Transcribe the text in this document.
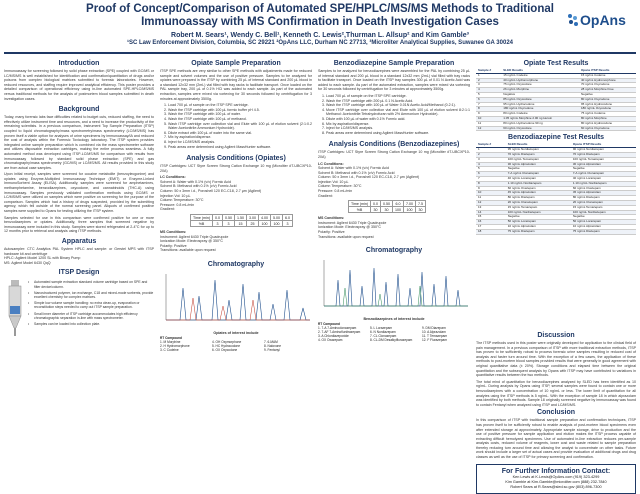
Proof of Concept/Comparison of Automated SPE/HPLC/MS/MS Methods to Traditional Immunoassay with MS Confirmation in Death Investigation Cases
Robert M. Sears¹, Wendy C. Bell¹, Kenneth C. Lewis²,Thurman L. Allsup² and Kim Gamble³
¹SC Law Enforcement Division, Columbia, SC 29221 ²OpAns LLC, Durham NC 27713, ³Microliter Analytical Supplies, Suwanee GA 30024
OpAns
Introduction
Immunoassay for screening followed by solid phase extraction (SPE) coupled with GC/MS or LC/MS/MS is well established for identification and confirmation/quantitation of drugs and/or poisons from complex biological matrices submitted to forensic laboratories. However, reduced resources, and staffing require improved analytical efficiency. This poster provides a detailed comparison of operational efficiency using in-line automated SPE-HPLC/MS/MS versus traditional methods for the analysis of postmortem blood samples submitted in death investigation cases.
Background

Today, many forensic labs face difficulties related to budget cuts, reduced staffing, the need to effectively utilize instrument time and resources, and a need to increase the productivity of the remaining scientists. In a previous comparison, Instrument Top Sample Preparation (ITSP) coupled to liquid chromatography/mass spectrometry/mass spectrometry (LC/MS/MS) has proven itself a viable option for analyses of urine specimens by immunoassay/IA and reduced the cost of analysis within the Forensic Toxicology laboratory. The ITSP system provides integrated online sample preparation which is combined via the mass spectrometer software and utilizes disposable extraction cartridges, making the entire process seamless. A fully automated method was developed using ITSP-LC/MS/MS for comparison with results from immunoassay followed by standard solid phase extraction (SPE) and gas chromatography/mass spectrometry (GC/MS) or LC/MS/MS. All results provided in this study are from actual case samples.

Upon initial receipt, samples were screened for cocaine metabolite (benzoylecgonine) and opiates using Enzyme-Multiplied Immunoassay Technique (EMIT) or Enzyme-Linked ImmunoSorbent Assay (ELISA). Additionally, samples were screened for amphetamines, methamphetamine, benzodiazepines, oxycodone, and cannabinoids (THC-A) using immunoassay. Samples previously validated confirmation methods using GC/MS or LC/MS/MS were utilized on samples which were positive on screening for the purpose of the comparison. Samples which had a history of drugs suspected, provided by the submitting agency, which fell outside of the normal screening panel. Aliquots of confirmed positive samples were supplied to Opans for testing utilizing the ITSP system.

Samples selected for use in this comparison were confirmed positive for one or more benzodiazepines or opiates. Additionally, three samples that screened negative by immunoassay were included in this study. Samples were stored refrigerated at 2-4°C for up to 12 months prior to retrieval and analysis using ITSP methods.

Apparatus
Autosampler: CTC Analytics PAL System HPLC and sample: or Gerstel MPS with ITSP hardware kit and centrifuge
HPLC: Agilent Model 1200 SL with Binary Pump
MS: Agilent Model 6430 QqQ
ITSP Design
• Automated sample extraction standard volume cartridge based on SPE and filter device/column.
• Nanostructured polymer, ion exchange, C18 and mixed-mode sorbents, provide excellent chemistry for complex matrices.
• Simple low volume sample handling: no extra clean-up, evaporation or reconstitution steps needed to carry out ITSP sample preparation.
• Small inner diameter of ITSP cartridge accommodates high efficiency chromatographic separation in-line with mass spectrometer.
• Samples can be loaded into collection plate.
Opiate Sample Preparation
ITSP SPE methods are very similar to other SPE methods with adjustments made for reduced sample and solvent volumes and the use of positive pressure. Samples to be analyzed for opiates were prepared in the ITSP by combining 25 µL of internal standard and 200 µL blood in a standard 12x32 mm (2mL) vial filled with tray racks to facilitate transport. Once loaded on the PAL sample tray, 200 µL of 0.1% HCl was added to each sample. As part of the automated extraction, samples were mixed via vortexing for 30 seconds followed by centrifugation for 3 minutes at approximately 3500g.
1. Load 700 µL of sample on the ITSP SPE cartridge.
2. Wash the ITSP cartridge with 100 µL formic buffer pH 4.5.
3. Wash the ITSP cartridge with 100 µL of water.
4. Wash the ITSP cartridge with 100 µL of methanol.
5. Wash ITSP cartridge over collection vial and Elute with 100 µL of elution solvent (2:1:0.2 Water:Acetonitrile:Ammonium Hydroxide).
6. Dilute extract with 100 µL of water into the same vial.
7. Mix by aspiration/dispense.
8. Inject for LC/MS/MS analysis.
9. Peak areas were determined using Agilent MassHunter software.
Analysis Conditions (Opiates)
ITSP Cartridges: UCT Styre Screen Strong Cation Exchange 10 mg (Microliter #T-UBCXP10-20A)
LC Conditions:
Solvent A: Water with 0.1% (v/v) Formic Acid
Solvent B: Methanol with 0.1% (v/v) Formic Acid
Column: 50 x 3mm i.d., Poroshell 120 EC-C18, 2.7 µm (Agilent)
Injection Vol: 10 µL
Column Temperature: 30°C
Pressure: 0.8 mL/min
Gradient:
Time (min)	0.0	0.50	1.50	3.00	4.00	5.00	6.0
%B	3	3	15	25	100	100	3
MS Conditions:
Instrument: Agilent 6430 Triple Quadrupole
Ionization Mode: Electrospray @ 350°C
Polarity: Positive
Transitions: available upon request
Chromatography
Opiates of interest include
RT Compound
1. M Morphine
2. H Hydromorphone
3. C Codeine
4. OH Oxymorphone
5. HC Hydrocodone
6. OX Oxycodone
7. 6-MAM
8. Naloxone
9. Fentanyl
Benzodiazepine Sample Preparation
Samples to be analyzed for benzodiazepines were assembled for the PAL by combining 25 µL of internal standard and 200 µL blood in a standard 12x32 mm (2mL) vial filled with tray racks to facilitate transport. Once loaded on the ITSP tray samples 300 µL of 0.01 N Acetic Acid was added to each sample. As part of the automated extraction, samples were mixed via vortexing for 30 seconds followed by centrifugation for 3 minutes at approximately 3500g.
1. Load 700 µL of sample on the ITSP SPE cartridge.
2. Wash the ITSP cartridge with 200 µL 0.1 N Acetic Acid.
3. Wash the ITSP cartridge with 100 µL of Water 0.01N Acetic Acid/Methanol (0.2:1).
4. Move ITSP cartridge over collection vial and Elute with 100 µL of elution solvent 8:2:1:1 Methanol: Acetonitrile:Tetrahydrofuran with 2% Ammonium Hydroxide).
5. Dilute with 100 µL of water with 0.1% Formic acid.
6. Mix by aspiration/dispense.
7. Inject for LC/MS/MS analysis.
8. Peak areas were determined using Agilent MassHunter software.
Analysis Conditions (Benzodiazepines)
ITSP Cartridges: UCT Styre Screen Strong Cation Exchange 10 mg (Microliter #T-UBCXP10-20A)
LC Conditions:
Solvent A: Water with 0.1% (v/v) Formic Acid
Solvent B: Methanol with 0.1% (v/v) Formic Acid
Column: 50 x 3mm i.d., Poroshell 120 EC-C18, 2.7 µm (Agilent)
Injection Vol: 10 µL
Column Temperature: 30°C
Pressure: 0.8 mL/min
Gradient:
Time (min)	0.0	0.50	6.0	7.00	7.5
%B	30	30	100	100	30
MS Conditions:
Instrument: Agilent 6430 Triple Quadrupole
Ionization Mode: Electrospray @ 350°C
Polarity: Positive
Transitions: available upon request
Chromatography
Benzodiazepines of interest include
RT Compound
1. 7-A 7-Aminoclonazepam
2. 7-AF 7-Aminoflunitrazepam
3. A Chlordiazepoxide
4. OX Oxazepam
5. L Lorazepam
6. N Nordiazepam
7. CL Clonazepam
8. CL-DM Desalkylflurazepam
9. DM Diazepam
10. A Alprazolam
11. T Temazepam
12. F Flurazepam
Opiate Test Results
Sample #	SLED Results	Opans ITSP Results
1	15 ng/mL Codeine	15 ng/mL Codeine
2	40 ng/mL Hydromorphone	40 ng/mL Hydromorphone
3	75 ng/mL Oxycodone	70 ng/mL Oxycodone
4	26 ng/mL Morphine	28 ng/mL Morphine Free
5	Negative	Negative
6	85 ng/mL Oxycodone	80 ng/mL Oxycodone
7	95 ng/mL Hydrocodone	95 ng/mL Hydrocodone
8	180 ng/mL Oxycodone	180 ng/mL Oxycodone
9	80 ng/mL Codeine	75 ng/mL Codeine
10	1.05 ng/mL Morphine 2.00 ng Heroin	80 ng/mL Morphine
11	80 ng/mL Hydrocodone 90 ng	80 ng/mL Hydrocodone
12	60 ng/mL Oxycodone	60 ng/mL Oxycodone
Benzodiazepine Test Results
Sample #	SLED Results	Opans ITSP Results
1	95 ng/mL Nordiazepam	90 ng/mL Nordiazepam
2	70 ng/mL Diazepam	70 ng/mL Diazepam
3	100 ng/mL Temazepam	100 ng/mL Temazepam
4	30 ng/mL Alprazolam	30 ng/mL Alprazolam
5	Negative	Negative
6	7-A ng/mL Clonazepam	7-A ng/mL Clonazepam
7	40 ng/mL Lorazepam	40 ng/mL Lorazepam
8	1.10 ng/mL Nordiazepam	1.10 ng/mL Nordiazepam
9	60 ng/mL Oxazepam	60 ng/mL Oxazepam
10	45 ng/mL Alprazolam	45 ng/mL Alprazolam
11	80 ng/mL Diazepam	80 ng/mL Diazepam
12	20 ng/mL Clonazepam	20 ng/mL Clonazepam
13	15 ng/mL Temazepam	15 ng/mL Temazepam
14	100 ng/mL Nordiazepam	100 ng/mL Nordiazepam
15	Negative	Negative
16	50 ng/mL Lorazepam	50 ng/mL Lorazepam
17	10 ng/mL Alprazolam	10 ng/mL Alprazolam
18	75 ng/mL Diazepam	75 ng/mL Diazepam
Discussion

The ITSP methods used in this poster were originally developed for application to the clinical field of pain management. In a previous comparison of ITSP with more traditional extraction methods, ITSP has proven to be sufficiently robust to process forensic urine samples resulting in reduced cost of analysis and faster turn around time. With the exception of a few cases, the application of these methods to post-mortem blood samples provided results that were generally in good agreement with original quantitative data (± 20%). Storage conditions and elapsed time between the original quantitation and the subsequent analysis by Opans with ITSP may have contributed to variations in quantitative results between the two methods.

The total mind of quantitation for benzodiazepines analyzed by SLED has been identified as 10 ng/mL. During analysis by Opans using ITSP, several samples were found to contain one or more benzodiazepines with a concentration of 10 ng/mL or less. The lower limit of quantitation for all analytes using the ITSP methods is 5 ng/mL. With the exception of sample 18 in which alprazolam was identified by both methods. Sample 18 originally screened negative by immunoassay was found to contain Fentanyl when analyzed using ITSP and LC/MS/MS.

Conclusion
In this comparison of ITSP with traditional sample preparation and confirmation techniques, ITSP has proven itself to be sufficiently robust to enable analysis of post-mortem blood specimens even after extended storage at approximately. Appropriate sample storage, drive to production and the use of positive pressure for sample application and elution makes the ITSP process capable of extracting difficult hemolyzed specimens. Use of automated in-line extraction reduces per-sample analysis costs, reduced volume of reagents, lower cost and waste related to sample preparation thereby reducing turn around time and allowing the analyst to concentrate on other tasks. Future work should include a larger set of actual cases and provide evaluation of additional drugs and drug classes as well as the use of ITSP for primary screening and confirmation.
For Further Information Contact:
Ken Lewis at K.Lewis@OpAns.com (919) 323-4299
Kim Gamble at Kim.Gamble@microliter.com (888) 232-7840
Robert Sears at R.Sears@sled.sc.gov (803) 896-7300
